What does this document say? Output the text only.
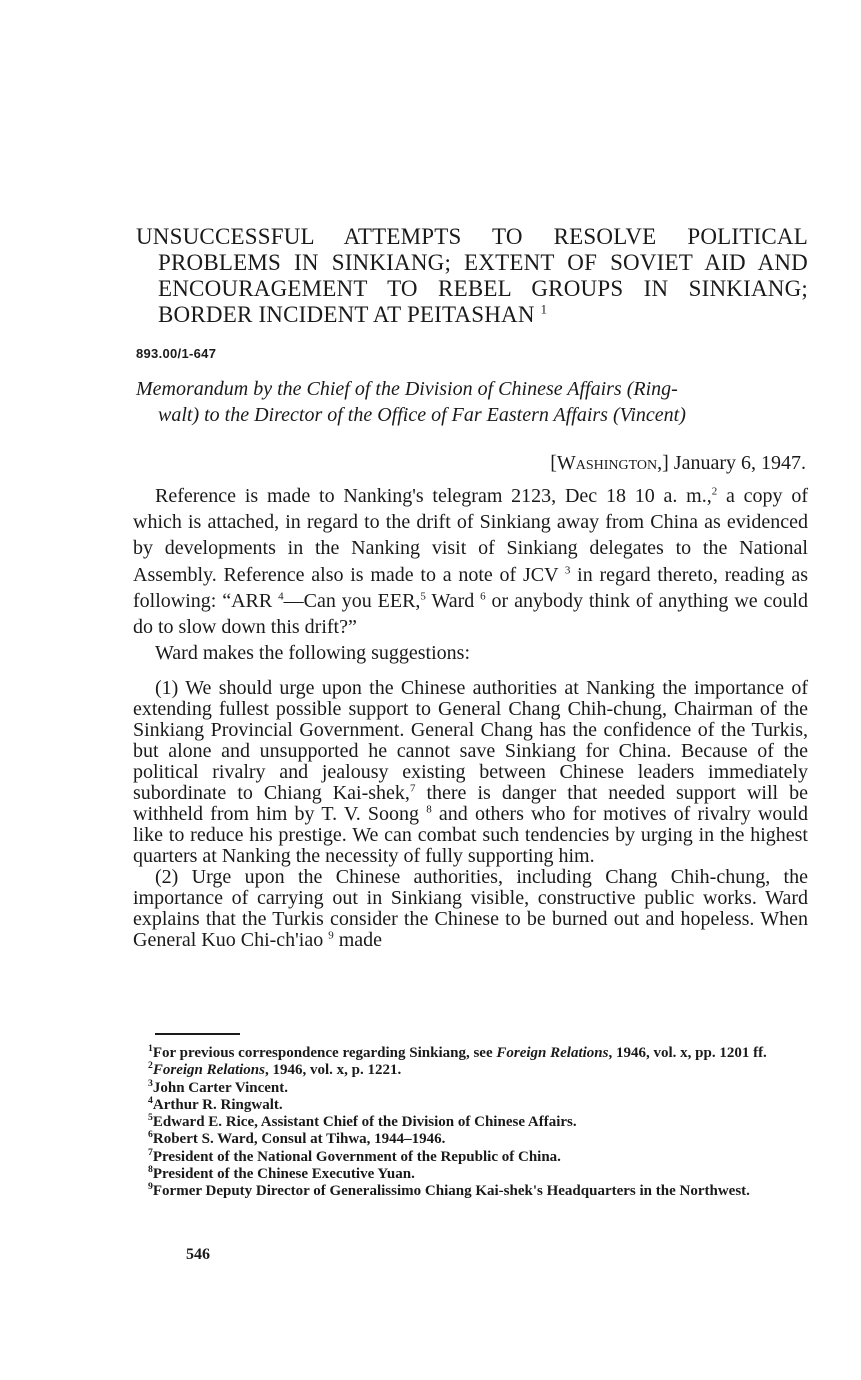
UNSUCCESSFUL ATTEMPTS TO RESOLVE POLITICAL
PROBLEMS IN SINKIANG; EXTENT OF SOVIET AID AND
ENCOURAGEMENT TO REBEL GROUPS IN SINKIANG;
BORDER INCIDENT AT PEITASHAN $^1$
893.00/1-647
Memorandum by the Chief of the Division of Chinese Affairs (Ring-
walt) to the Director of the Office of Far Eastern Affairs (Vincent)
[Washington,] January 6, 1947.

Reference is made to Nanking's telegram 2123, Dec 18 10 a. m.,$^2$ a copy of which is attached, in regard to the drift of Sinkiang away from China as evidenced by developments in the Nanking visit of Sinkiang delegates to the National Assembly. Reference also is made to a note of JCV $^3$ in regard thereto, reading as following: “ARR $^4$—Can you EER,$^5$ Ward $^6$ or anybody think of anything we could do to slow down this drift?”

Ward makes the following suggestions:

(1) We should urge upon the Chinese authorities at Nanking the importance of extending fullest possible support to General Chang Chih-chung, Chairman of the Sinkiang Provincial Government. General Chang has the confidence of the Turkis, but alone and unsupported he cannot save Sinkiang for China. Because of the political rivalry and jealousy existing between Chinese leaders immediately subordinate to Chiang Kai-shek,$^7$ there is danger that needed support will be withheld from him by T. V. Soong $^8$ and others who for motives of rivalry would like to reduce his prestige. We can combat such tendencies by urging in the highest quarters at Nanking the necessity of fully supporting him.

(2) Urge upon the Chinese authorities, including Chang Chih-chung, the importance of carrying out in Sinkiang visible, constructive public works. Ward explains that the Turkis consider the Chinese to be burned out and hopeless. When General Kuo Chi-ch'iao $^9$ made

$^1$For previous correspondence regarding Sinkiang, see Foreign Relations, 1946, vol. x, pp. 1201 ff.

$^2$Foreign Relations, 1946, vol. x, p. 1221.

$^3$John Carter Vincent.

$^4$Arthur R. Ringwalt.

$^5$Edward E. Rice, Assistant Chief of the Division of Chinese Affairs.

$^6$Robert S. Ward, Consul at Tihwa, 1944–1946.

$^7$President of the National Government of the Republic of China.

$^8$President of the Chinese Executive Yuan.

$^9$Former Deputy Director of Generalissimo Chiang Kai-shek's Headquarters in the Northwest.

546
